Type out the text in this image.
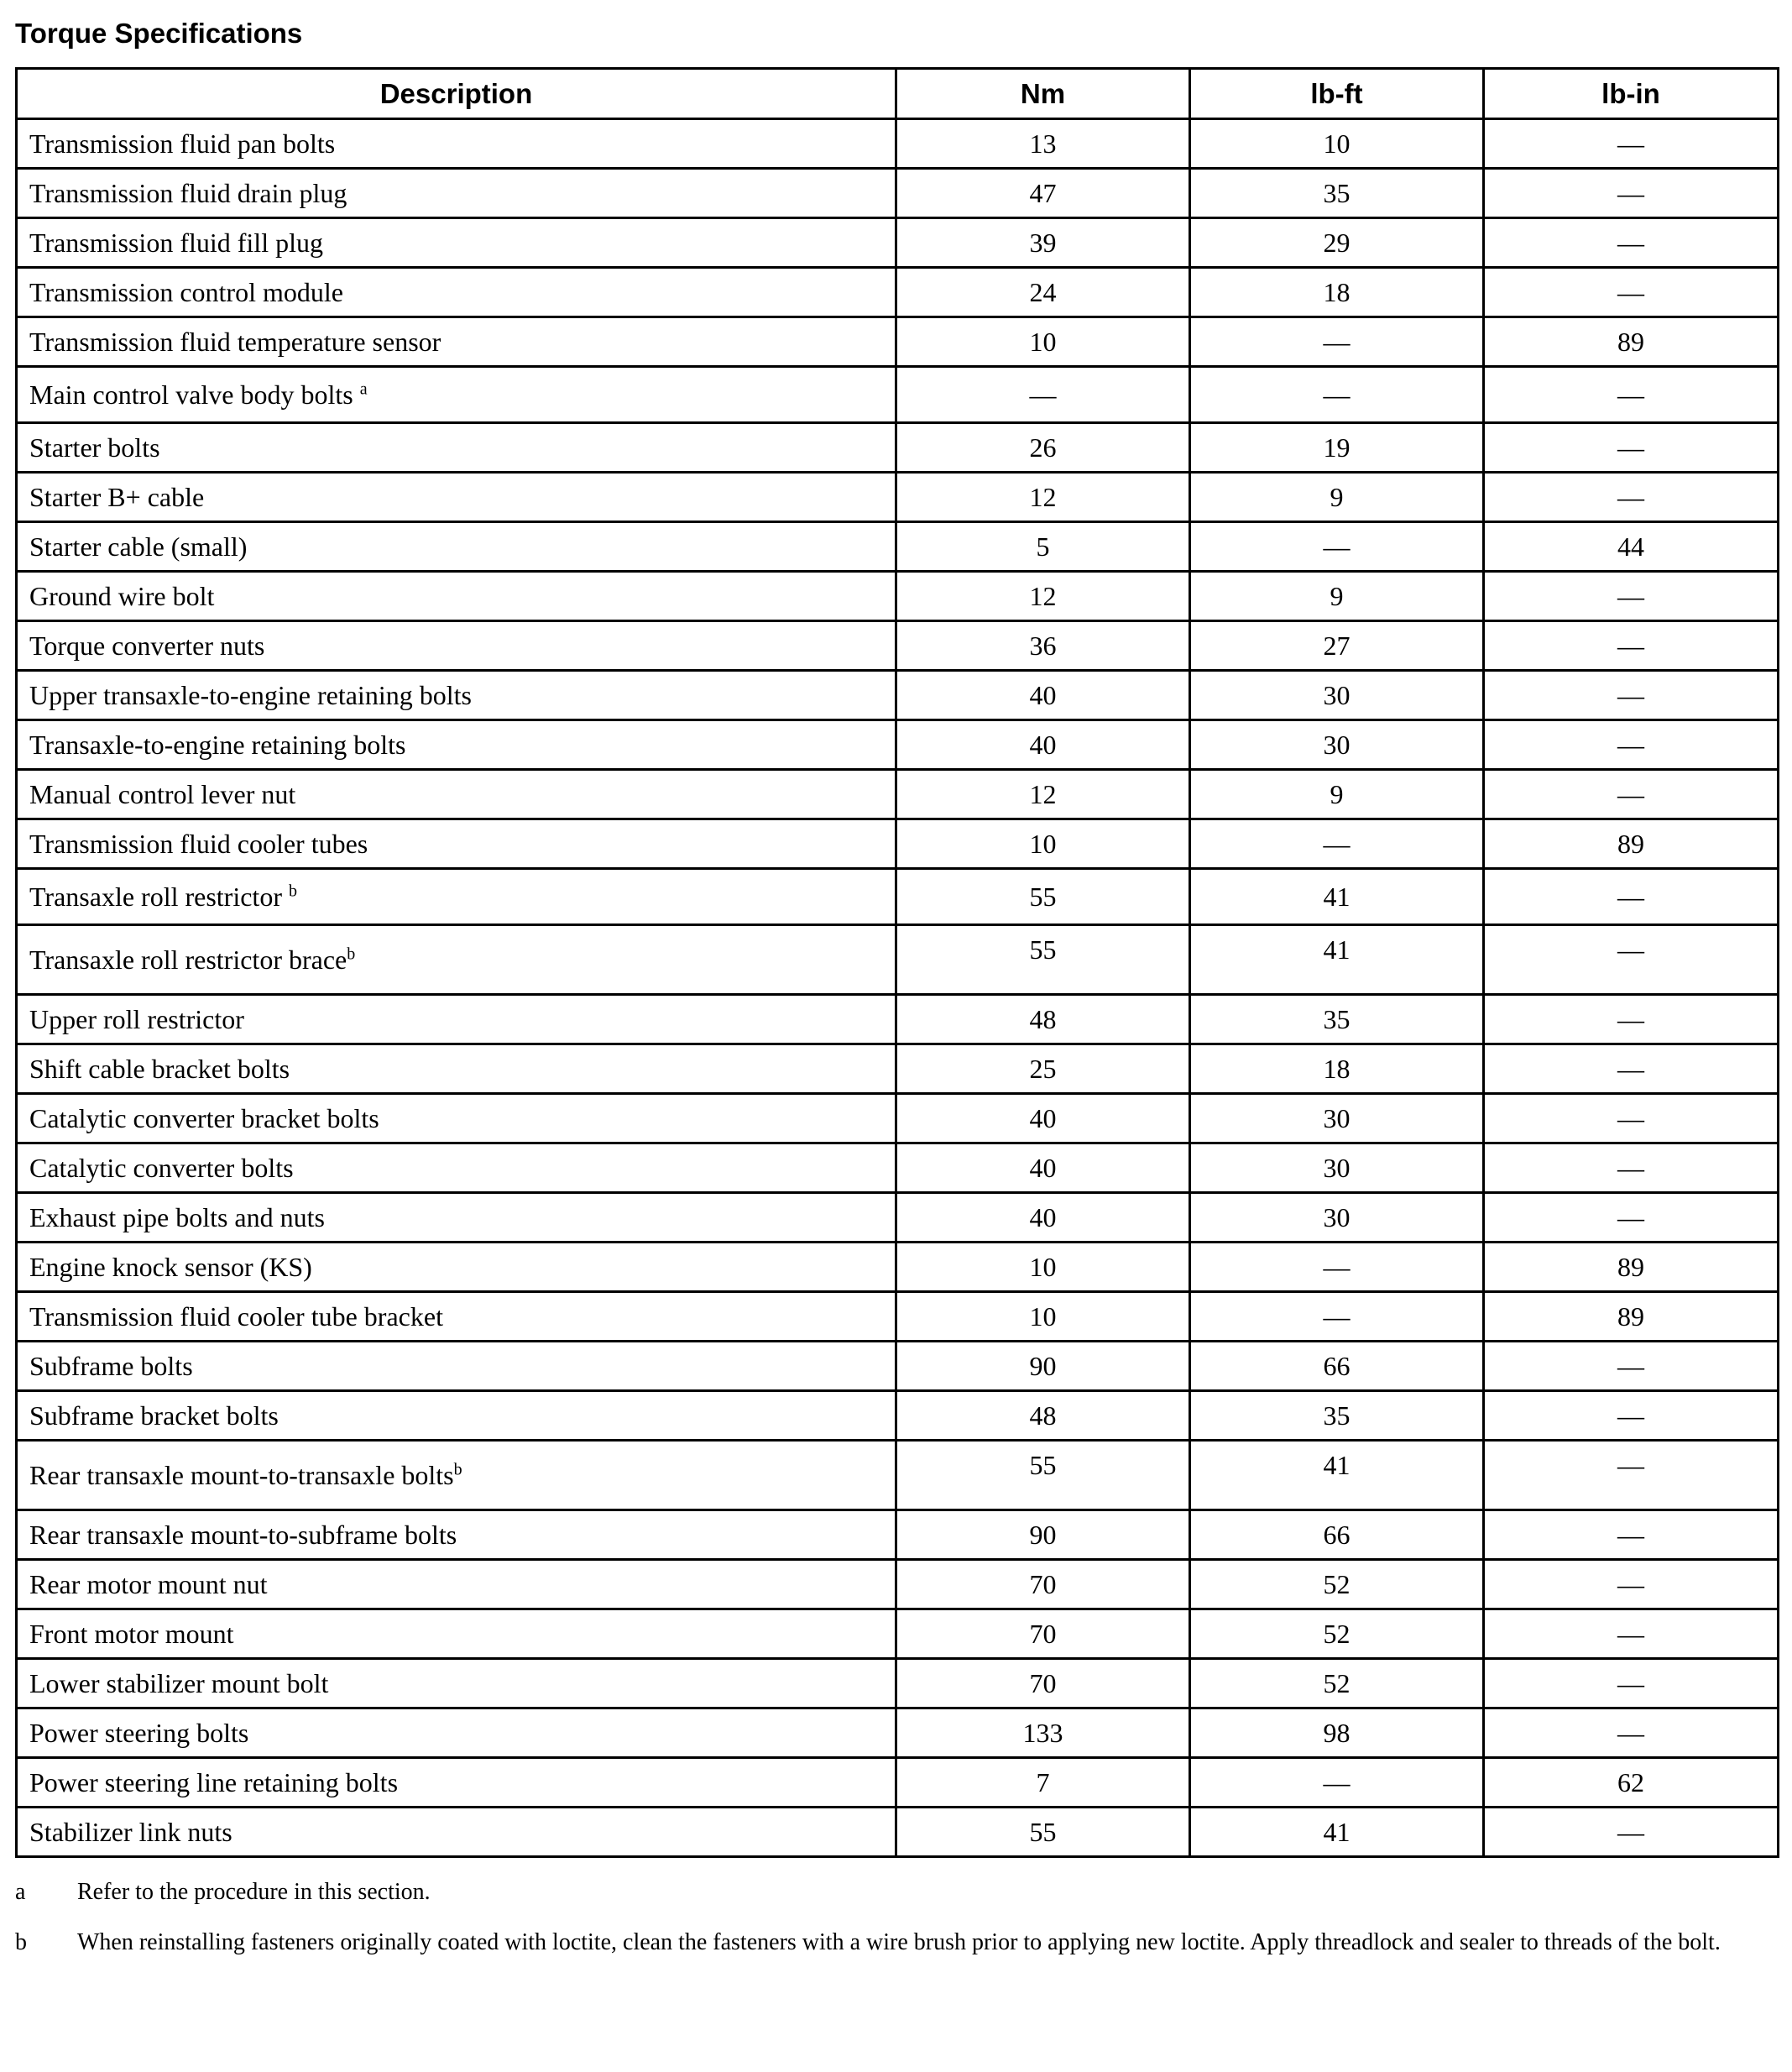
Torque Specifications
Description	Nm	lb-ft	lb-in
Transmission fluid pan bolts	13	10	—
Transmission fluid drain plug	47	35	—
Transmission fluid fill plug	39	29	—
Transmission control module	24	18	—
Transmission fluid temperature sensor	10	—	89
Main control valve body bolts $^a$	—	—	—
Starter bolts	26	19	—
Starter B+ cable	12	9	—
Starter cable (small)	5	—	44
Ground wire bolt	12	9	—
Torque converter nuts	36	27	—
Upper transaxle-to-engine retaining bolts	40	30	—
Transaxle-to-engine retaining bolts	40	30	—
Manual control lever nut	12	9	—
Transmission fluid cooler tubes	10	—	89
Transaxle roll restrictor $^b$	55	41	—
Transaxle roll restrictor brace$^b$	55	41	—
Upper roll restrictor	48	35	—
Shift cable bracket bolts	25	18	—
Catalytic converter bracket bolts	40	30	—
Catalytic converter bolts	40	30	—
Exhaust pipe bolts and nuts	40	30	—
Engine knock sensor (KS)	10	—	89
Transmission fluid cooler tube bracket	10	—	89
Subframe bolts	90	66	—
Subframe bracket bolts	48	35	—
Rear transaxle mount-to-transaxle bolts$^b$	55	41	—
Rear transaxle mount-to-subframe bolts	90	66	—
Rear motor mount nut	70	52	—
Front motor mount	70	52	—
Lower stabilizer mount bolt	70	52	—
Power steering bolts	133	98	—
Power steering line retaining bolts	7	—	62
Stabilizer link nuts	55	41	—
a	Refer to the procedure in this section.
b	When reinstalling fasteners originally coated with loctite, clean the fasteners with a wire brush prior to applying new loctite. Apply threadlock and sealer to threads of the bolt.
